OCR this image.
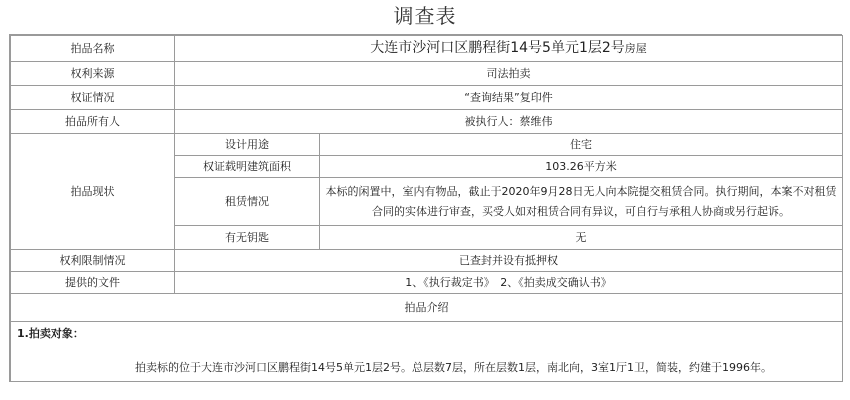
调查表
拍品名称	大连市沙河口区鹏程街14号5单元1层2号房屋	
权利来源	司法拍卖	
权证情况	“查询结果”复印件	
拍品所有人	被执行人：蔡维伟	
拍品现状	设计用途	住宅
	权证载明建筑面积	103.26平方米
	租赁情况	本标的闲置中，室内有物品，截止于2020年9月28日无人向本院提交租赁合同。执行期间，本案不对租赁合同的实体进行审查，买受人如对租赁合同有异议，可自行与承租人协商或另行起诉。
	有无钥匙	无
权利限制情况	已查封并设有抵押权	
提供的文件	1、《执行裁定书》　2、《拍卖成交确认书》	
拍品介绍		

1.拍卖对象：
拍卖标的位于大连市沙河口区鹏程街14号5单元1层2号。总层数7层，所在层数1层，南北向，3室1厅1卫，简装，约建于1996年。		
